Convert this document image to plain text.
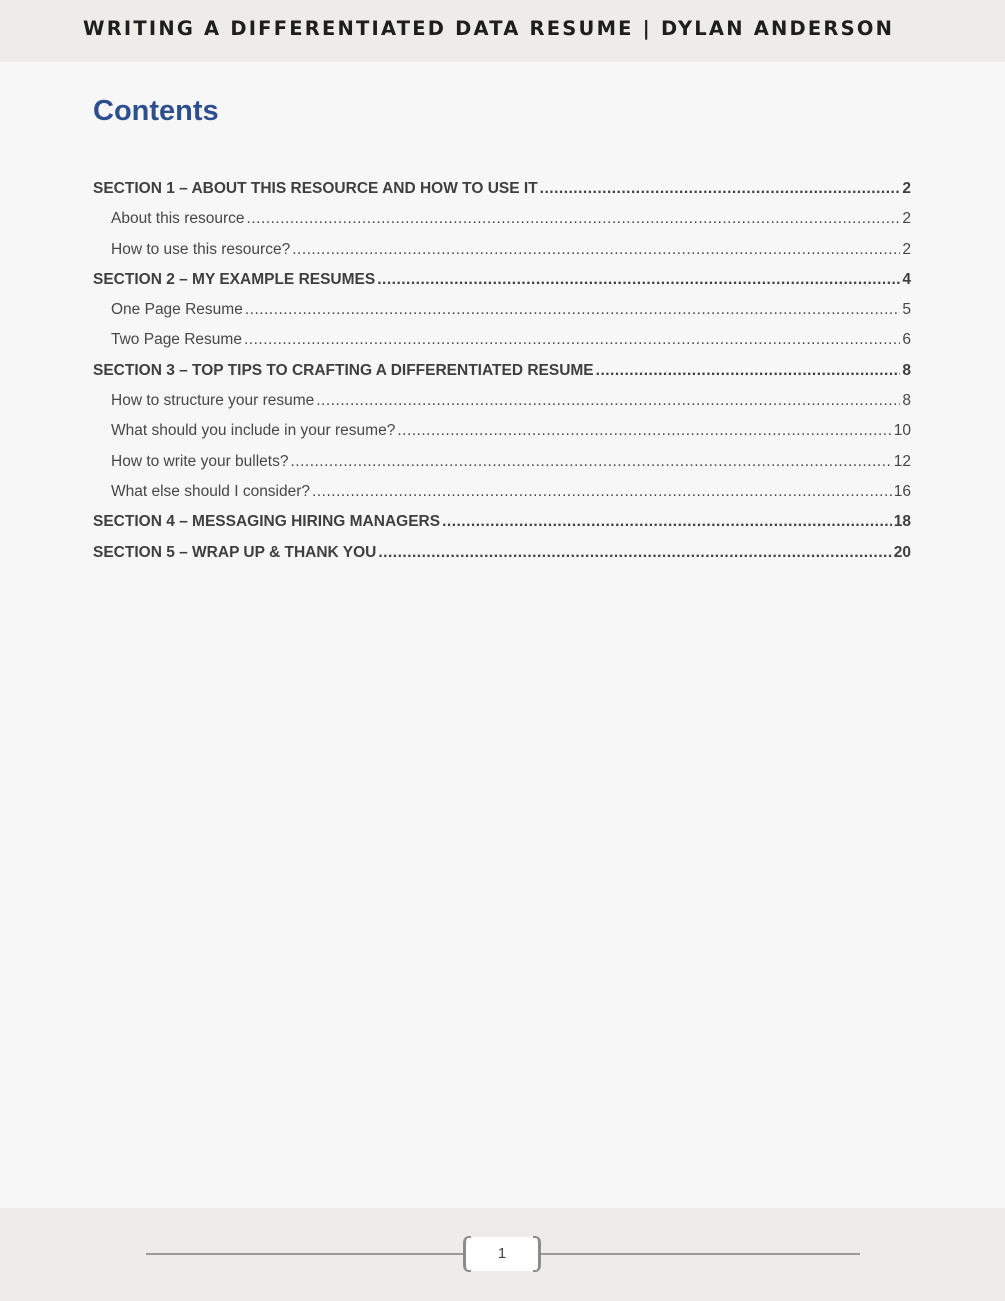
WRITING A DIFFERENTIATED DATA RESUME | DYLAN ANDERSON
Contents
SECTION 1 – ABOUT THIS RESOURCE AND HOW TO USE IT .....	2
About this resource .....	2
How to use this resource? .....	2
SECTION 2 – MY EXAMPLE RESUMES .....	4
One Page Resume .....	5
Two Page Resume .....	6
SECTION 3 – TOP TIPS TO CRAFTING A DIFFERENTIATED RESUME .....	8
How to structure your resume .....	8
What should you include in your resume? .....	10
How to write your bullets? .....	12
What else should I consider? .....	16
SECTION 4 – MESSAGING HIRING MANAGERS .....	18
SECTION 5 – WRAP UP & THANK YOU .....	20
1
